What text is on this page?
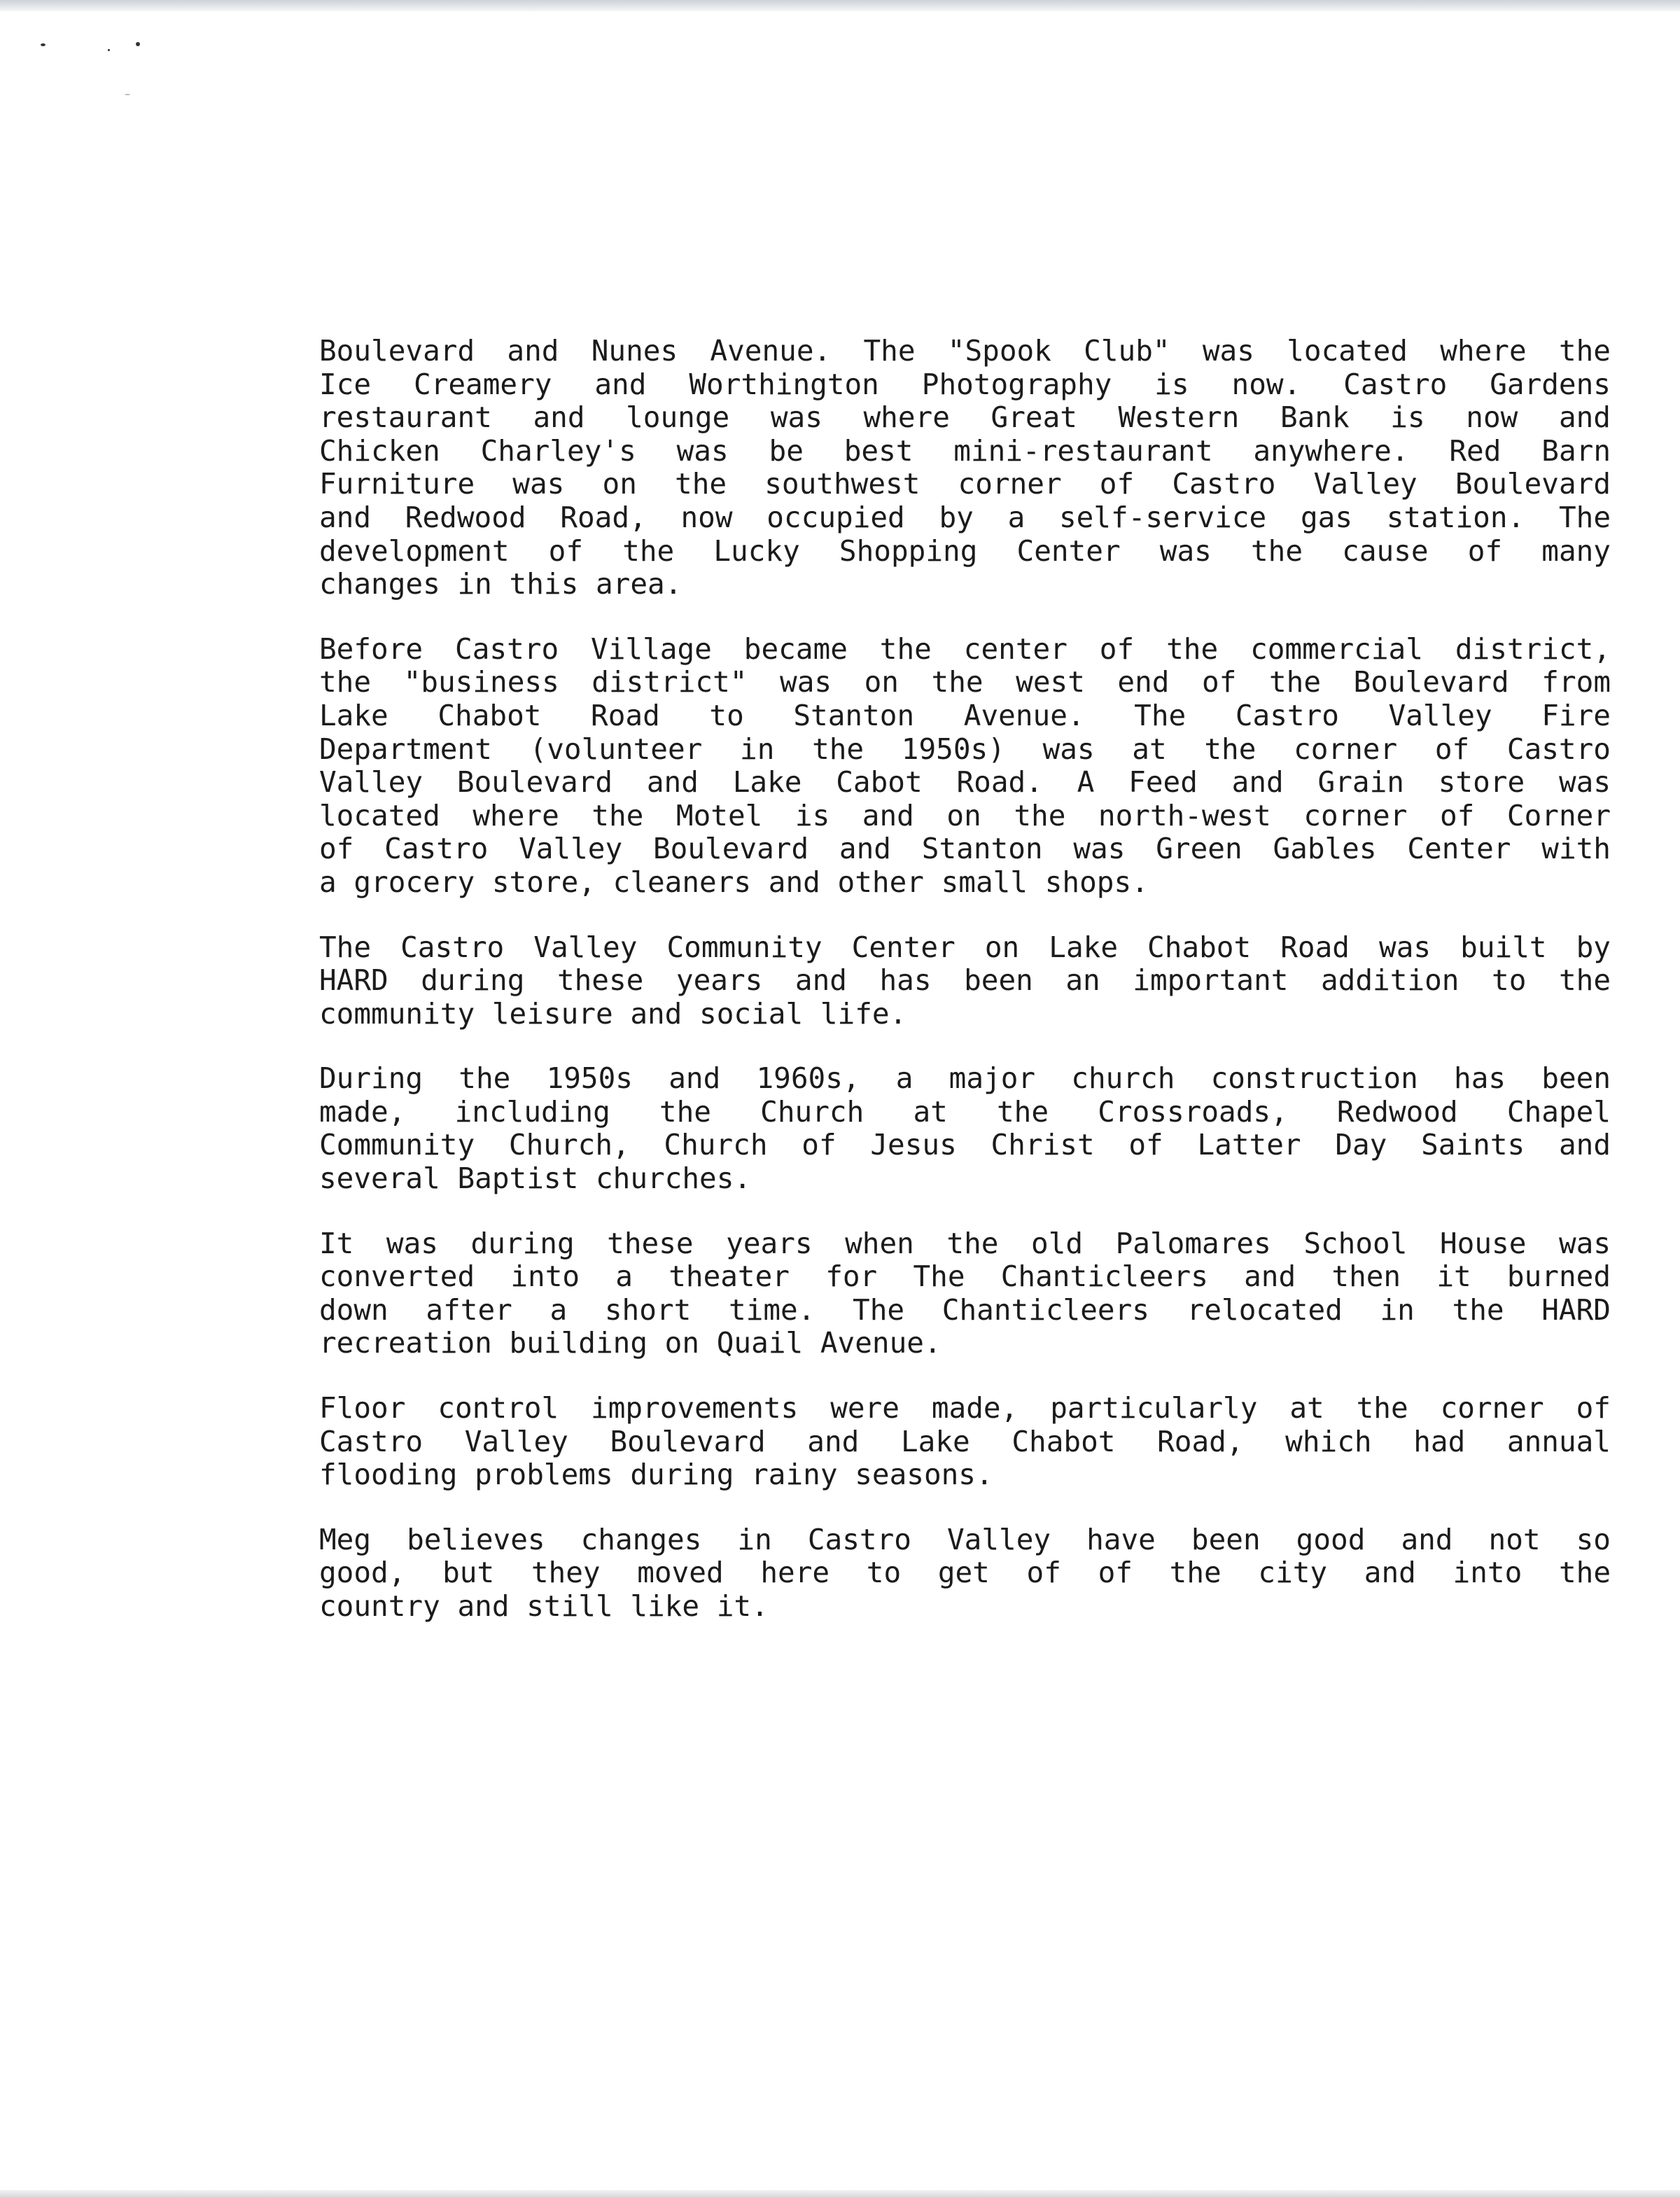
Boulevard and Nunes Avenue. The "Spook Club" was located where the
Ice Creamery and Worthington Photography is now. Castro Gardens
restaurant and lounge was where Great Western Bank is now and
Chicken Charley's was be best mini-restaurant anywhere. Red Barn
Furniture was on the southwest corner of Castro Valley Boulevard
and Redwood Road, now occupied by a self-service gas station. The
development of the Lucky Shopping Center was the cause of many
changes in this area.
Before Castro Village became the center of the commercial district,
the "business district" was on the west end of the Boulevard from
Lake Chabot Road to Stanton Avenue. The Castro Valley Fire
Department (volunteer in the 1950s) was at the corner of Castro
Valley Boulevard and Lake Cabot Road. A Feed and Grain store was
located where the Motel is and on the north-west corner of Corner
of Castro Valley Boulevard and Stanton was Green Gables Center with
a grocery store, cleaners and other small shops.
The Castro Valley Community Center on Lake Chabot Road was built by
HARD during these years and has been an important addition to the
community leisure and social life.
During the 1950s and 1960s, a major church construction has been
made, including the Church at the Crossroads, Redwood Chapel
Community Church, Church of Jesus Christ of Latter Day Saints and
several Baptist churches.
It was during these years when the old Palomares School House was
converted into a theater for The Chanticleers and then it burned
down after a short time. The Chanticleers relocated in the HARD
recreation building on Quail Avenue.
Floor control improvements were made, particularly at the corner of
Castro Valley Boulevard and Lake Chabot Road, which had annual
flooding problems during rainy seasons.
Meg believes changes in Castro Valley have been good and not so
good, but they moved here to get of of the city and into the
country and still like it.
